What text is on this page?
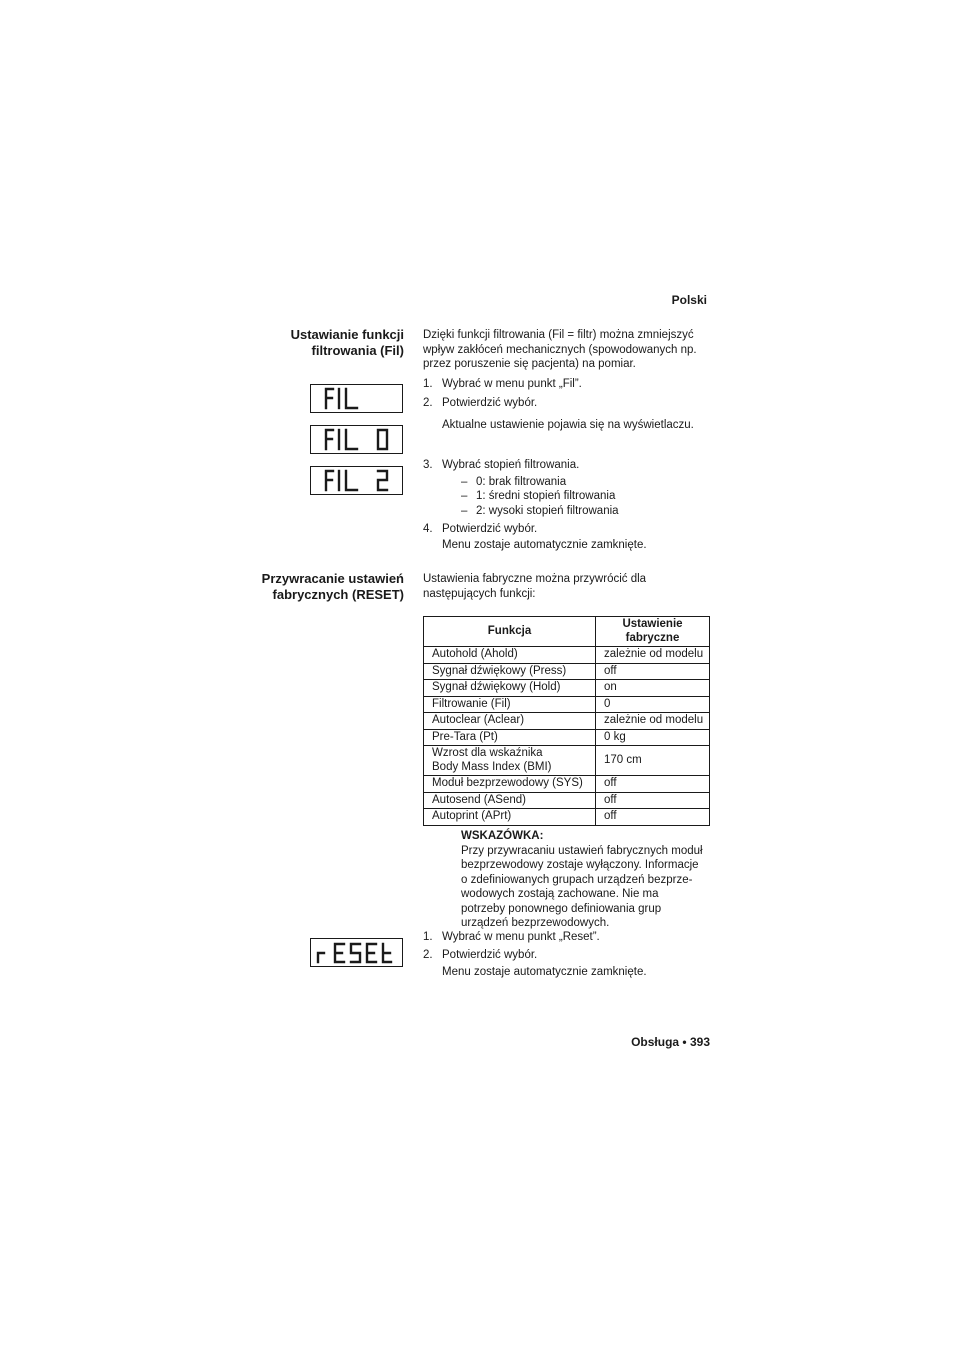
Polski
Ustawianie funkcji
filtrowania (Fil)
Dzięki funkcji filtrowania (Fil = filtr) można zmniejszyć
wpływ zakłóceń mechanicznych (spowodowanych np.
przez poruszenie się pacjenta) na pomiar.
1. Wybrać w menu punkt „Fil”.
2. Potwierdzić wybór.
Aktualne ustawienie pojawia się na wyświetlaczu.
3. Wybrać stopień filtrowania.
– 0: brak filtrowania
– 1: średni stopień filtrowania
– 2: wysoki stopień filtrowania
4. Potwierdzić wybór.
Menu zostaje automatycznie zamknięte.
Przywracanie ustawień
fabrycznych (RESET)
Ustawienia fabryczne można przywrócić dla
następujących funkcji:
Funkcja	Ustawienie
fabryczne

Autohold (Ahold)	zależnie od modelu
Sygnał dźwiękowy (Press)	off
Sygnał dźwiękowy (Hold)	on
Filtrowanie (Fil)	0
Autoclear (Aclear)	zależnie od modelu
Pre-Tara (Pt)	0 kg

Wzrost dla wskaźnika
Body Mass Index (BMI)	170 cm
Moduł bezprzewodowy (SYS)	off
Autosend (ASend)	off
Autoprint (APrt)	off
WSKAZÓWKA:
Przy przywracaniu ustawień fabrycznych moduł
bezprzewodowy zostaje wyłączony. Informacje
o zdefiniowanych grupach urządzeń bezprze-
wodowych zostają zachowane. Nie ma
potrzeby ponownego definiowania grup
urządzeń bezprzewodowych.
1. Wybrać w menu punkt „Reset”.
2. Potwierdzić wybór.
Menu zostaje automatycznie zamknięte.
Obsługa • 393
